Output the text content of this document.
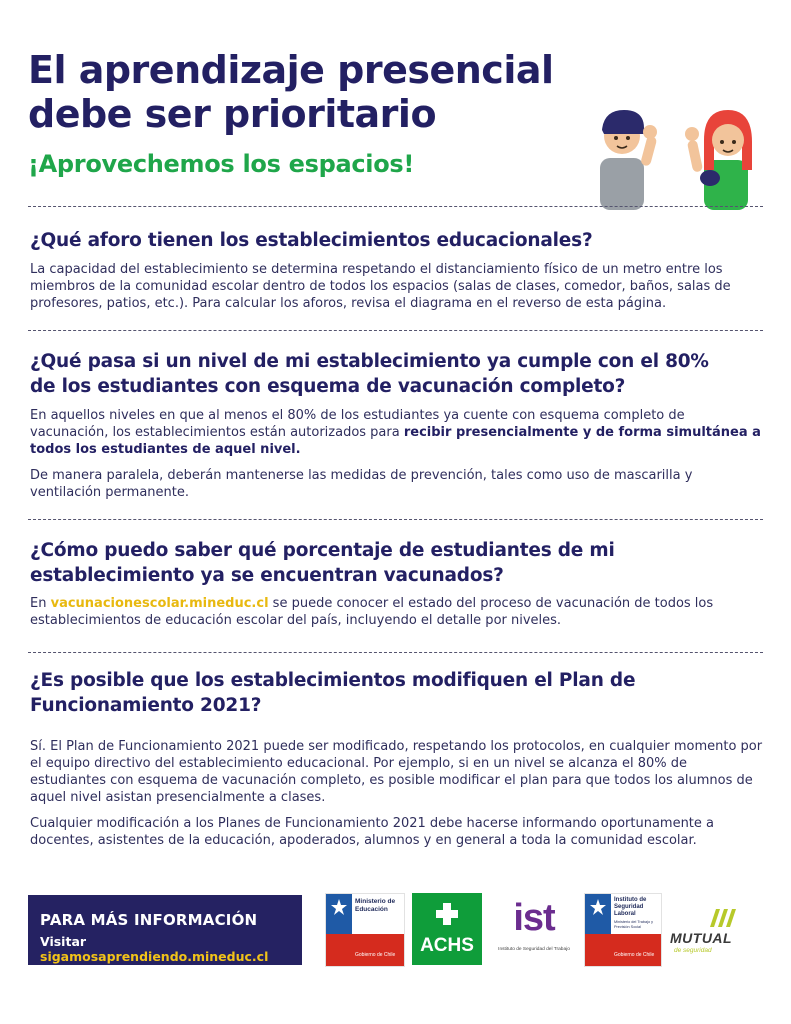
El aprendizaje presencial
debe ser prioritario

¡Aprovechemos los espacios!

¿Qué aforo tienen los establecimientos educacionales?

La capacidad del establecimiento se determina respetando el distanciamiento físico de un metro entre los miembros de la comunidad escolar dentro de todos los espacios (salas de clases, comedor, baños, salas de profesores, patios, etc.). Para calcular los aforos, revisa el diagrama en el reverso de esta página.

¿Qué pasa si un nivel de mi establecimiento ya cumple con el 80%
de los estudiantes con esquema de vacunación completo?

En aquellos niveles en que al menos el 80% de los estudiantes ya cuente con esquema completo de vacunación, los establecimientos están autorizados para recibir presencialmente y de forma simultánea a todos los estudiantes de aquel nivel.

De manera paralela, deberán mantenerse las medidas de prevención, tales como uso de mascarilla y ventilación permanente.

¿Cómo puedo saber qué porcentaje de estudiantes de mi
establecimiento ya se encuentran vacunados?

En vacunacionescolar.mineduc.cl se puede conocer el estado del proceso de vacunación de todos los establecimientos de educación escolar del país, incluyendo el detalle por niveles.

¿Es posible que los establecimientos modifiquen el Plan de
Funcionamiento 2021?

Sí. El Plan de Funcionamiento 2021 puede ser modificado, respetando los protocolos, en cualquier momento por el equipo directivo del establecimiento educacional. Por ejemplo, si en un nivel se alcanza el 80% de estudiantes con esquema de vacunación completo, es posible modificar el plan para que todos los alumnos de aquel nivel asistan presencialmente a clases.

Cualquier modificación a los Planes de Funcionamiento 2021 debe hacerse informando oportunamente a docentes, asistentes de la educación, apoderados, alumnos y en general a toda la comunidad escolar.

PARA MÁS INFORMACIÓN
Visitar sigamosaprendiendo.mineduc.cl
Ministerio de
Educación
Gobierno de Chile	ACHS
ist
Instituto de Seguridad del Trabajo
Instituto de
Seguridad
Laboral
Ministerio del Trabajo y Previsión Social
Gobierno de Chile
MUTUAL
de seguridad
